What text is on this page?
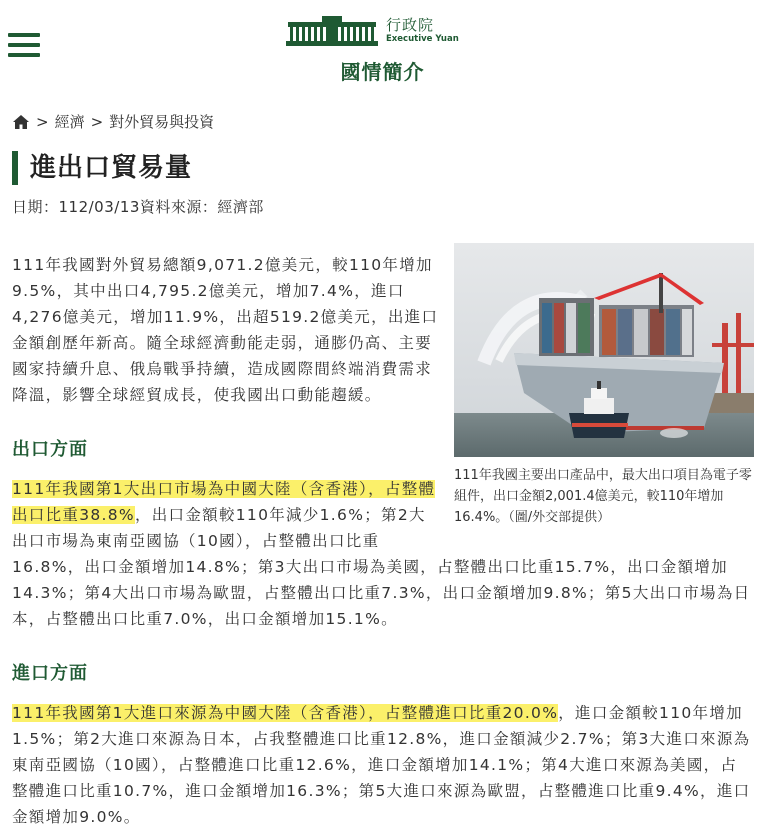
行政院
Executive Yuan
國情簡介
> 經濟 > 對外貿易與投資
進出口貿易量
日期：112/03/13資料來源：經濟部
111年我國主要出口產品中，最大出口項目為電子零組件，出口金額2,001.4億美元，較110年增加16.4%。（圖/外交部提供）

111年我國對外貿易總額9,071.2億美元，較110年增加9.5%，其中出口4,795.2億美元，增加7.4%，進口4,276億美元，增加11.9%，出超519.2億美元，出進口金額創歷年新高。隨全球經濟動能走弱，通膨仍高、主要國家持續升息、俄烏戰爭持續，造成國際間終端消費需求降溫，影響全球經貿成長，使我國出口動能趨緩。

出口方面

111年我國第1大出口市場為中國大陸（含香港），占整體出口比重38.8%，出口金額較110年減少1.6%；第2大出口市場為東南亞國協（10國），占整體出口比重16.8%，出口金額增加14.8%；第3大出口市場為美國，占整體出口比重15.7%，出口金額增加14.3%；第4大出口市場為歐盟，占整體出口比重7.3%，出口金額增加9.8%；第5大出口市場為日本，占整體出口比重7.0%，出口金額增加15.1%。

進口方面

111年我國第1大進口來源為中國大陸（含香港），占整體進口比重20.0%，進口金額較110年增加1.5%；第2大進口來源為日本，占我整體進口比重12.8%，進口金額減少2.7%；第3大進口來源為東南亞國協（10國），占整體進口比重12.6%，進口金額增加14.1%；第4大進口來源為美國，占整體進口比重10.7%，進口金額增加16.3%；第5大進口來源為歐盟，占整體進口比重9.4%，進口金額增加9.0%。
